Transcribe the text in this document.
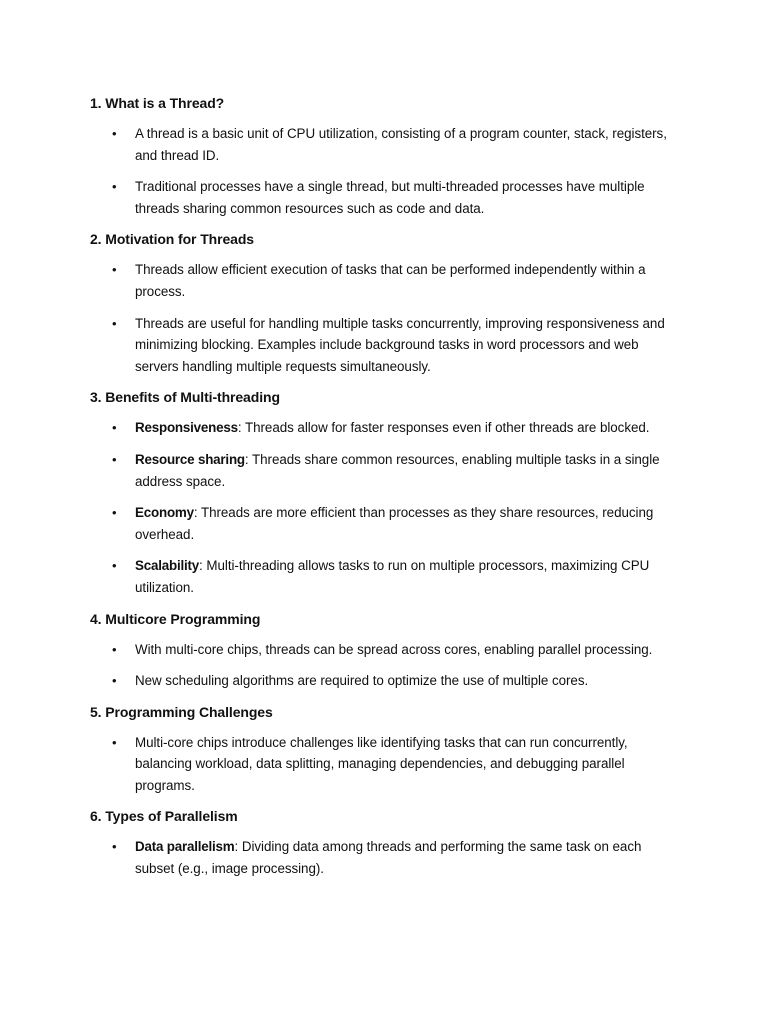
1. What is a Thread?
• A thread is a basic unit of CPU utilization, consisting of a program counter, stack, registers, and thread ID.
• Traditional processes have a single thread, but multi-threaded processes have multiple threads sharing common resources such as code and data.
2. Motivation for Threads
• Threads allow efficient execution of tasks that can be performed independently within a process.
• Threads are useful for handling multiple tasks concurrently, improving responsiveness and minimizing blocking. Examples include background tasks in word processors and web servers handling multiple requests simultaneously.
3. Benefits of Multi-threading
• Responsiveness: Threads allow for faster responses even if other threads are blocked.
• Resource sharing: Threads share common resources, enabling multiple tasks in a single address space.
• Economy: Threads are more efficient than processes as they share resources, reducing overhead.
• Scalability: Multi-threading allows tasks to run on multiple processors, maximizing CPU utilization.
4. Multicore Programming
• With multi-core chips, threads can be spread across cores, enabling parallel processing.
• New scheduling algorithms are required to optimize the use of multiple cores.
5. Programming Challenges
• Multi-core chips introduce challenges like identifying tasks that can run concurrently, balancing workload, data splitting, managing dependencies, and debugging parallel programs.
6. Types of Parallelism
• Data parallelism: Dividing data among threads and performing the same task on each subset (e.g., image processing).
